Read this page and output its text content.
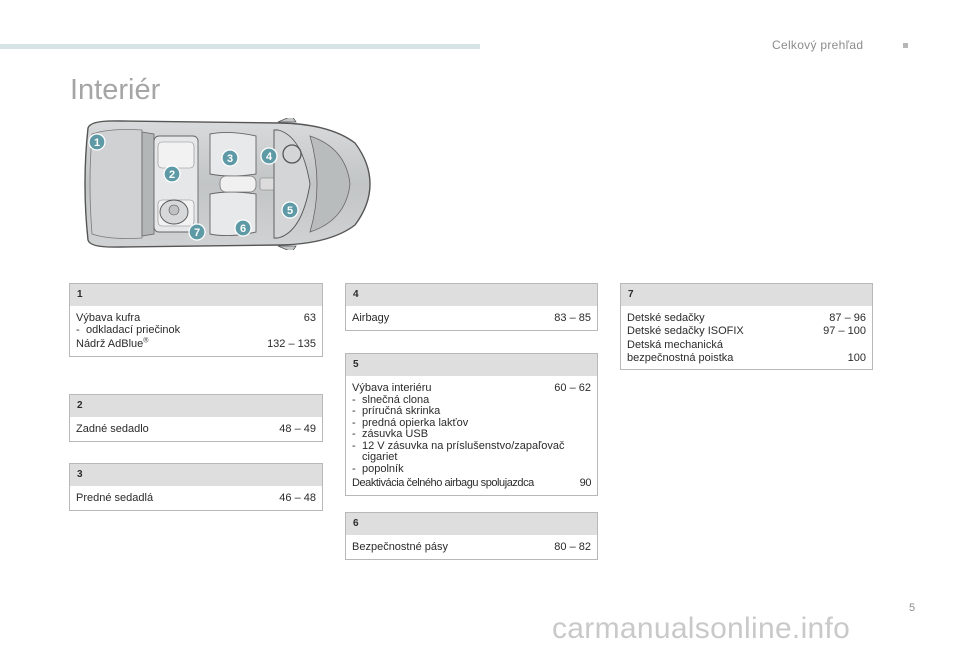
Celkový prehľad
Interiér
1
2
3	4
5
6
7
1
Výbava kufra	63
- odkladací priečinok
Nádrž AdBlue®	132 – 135
2
Zadné sedadlo	48 – 49
3
Predné sedadlá	46 – 48
4
Airbagy	83 – 85
5
Výbava interiéru	60 – 62
- slnečná clona
- príručná skrinka
- predná opierka lakťov
- zásuvka USB
- 12 V zásuvka na príslušenstvo/zapaľovač
cigariet
- popolník
Deaktivácia čelného airbagu spolujazdca	90
6
Bezpečnostné pásy	80 – 82
7
Detské sedačky	87 – 96
Detské sedačky ISOFIX	97 – 100
Detská mechanická
bezpečnostná poistka	100
5
carmanualsonline.info
